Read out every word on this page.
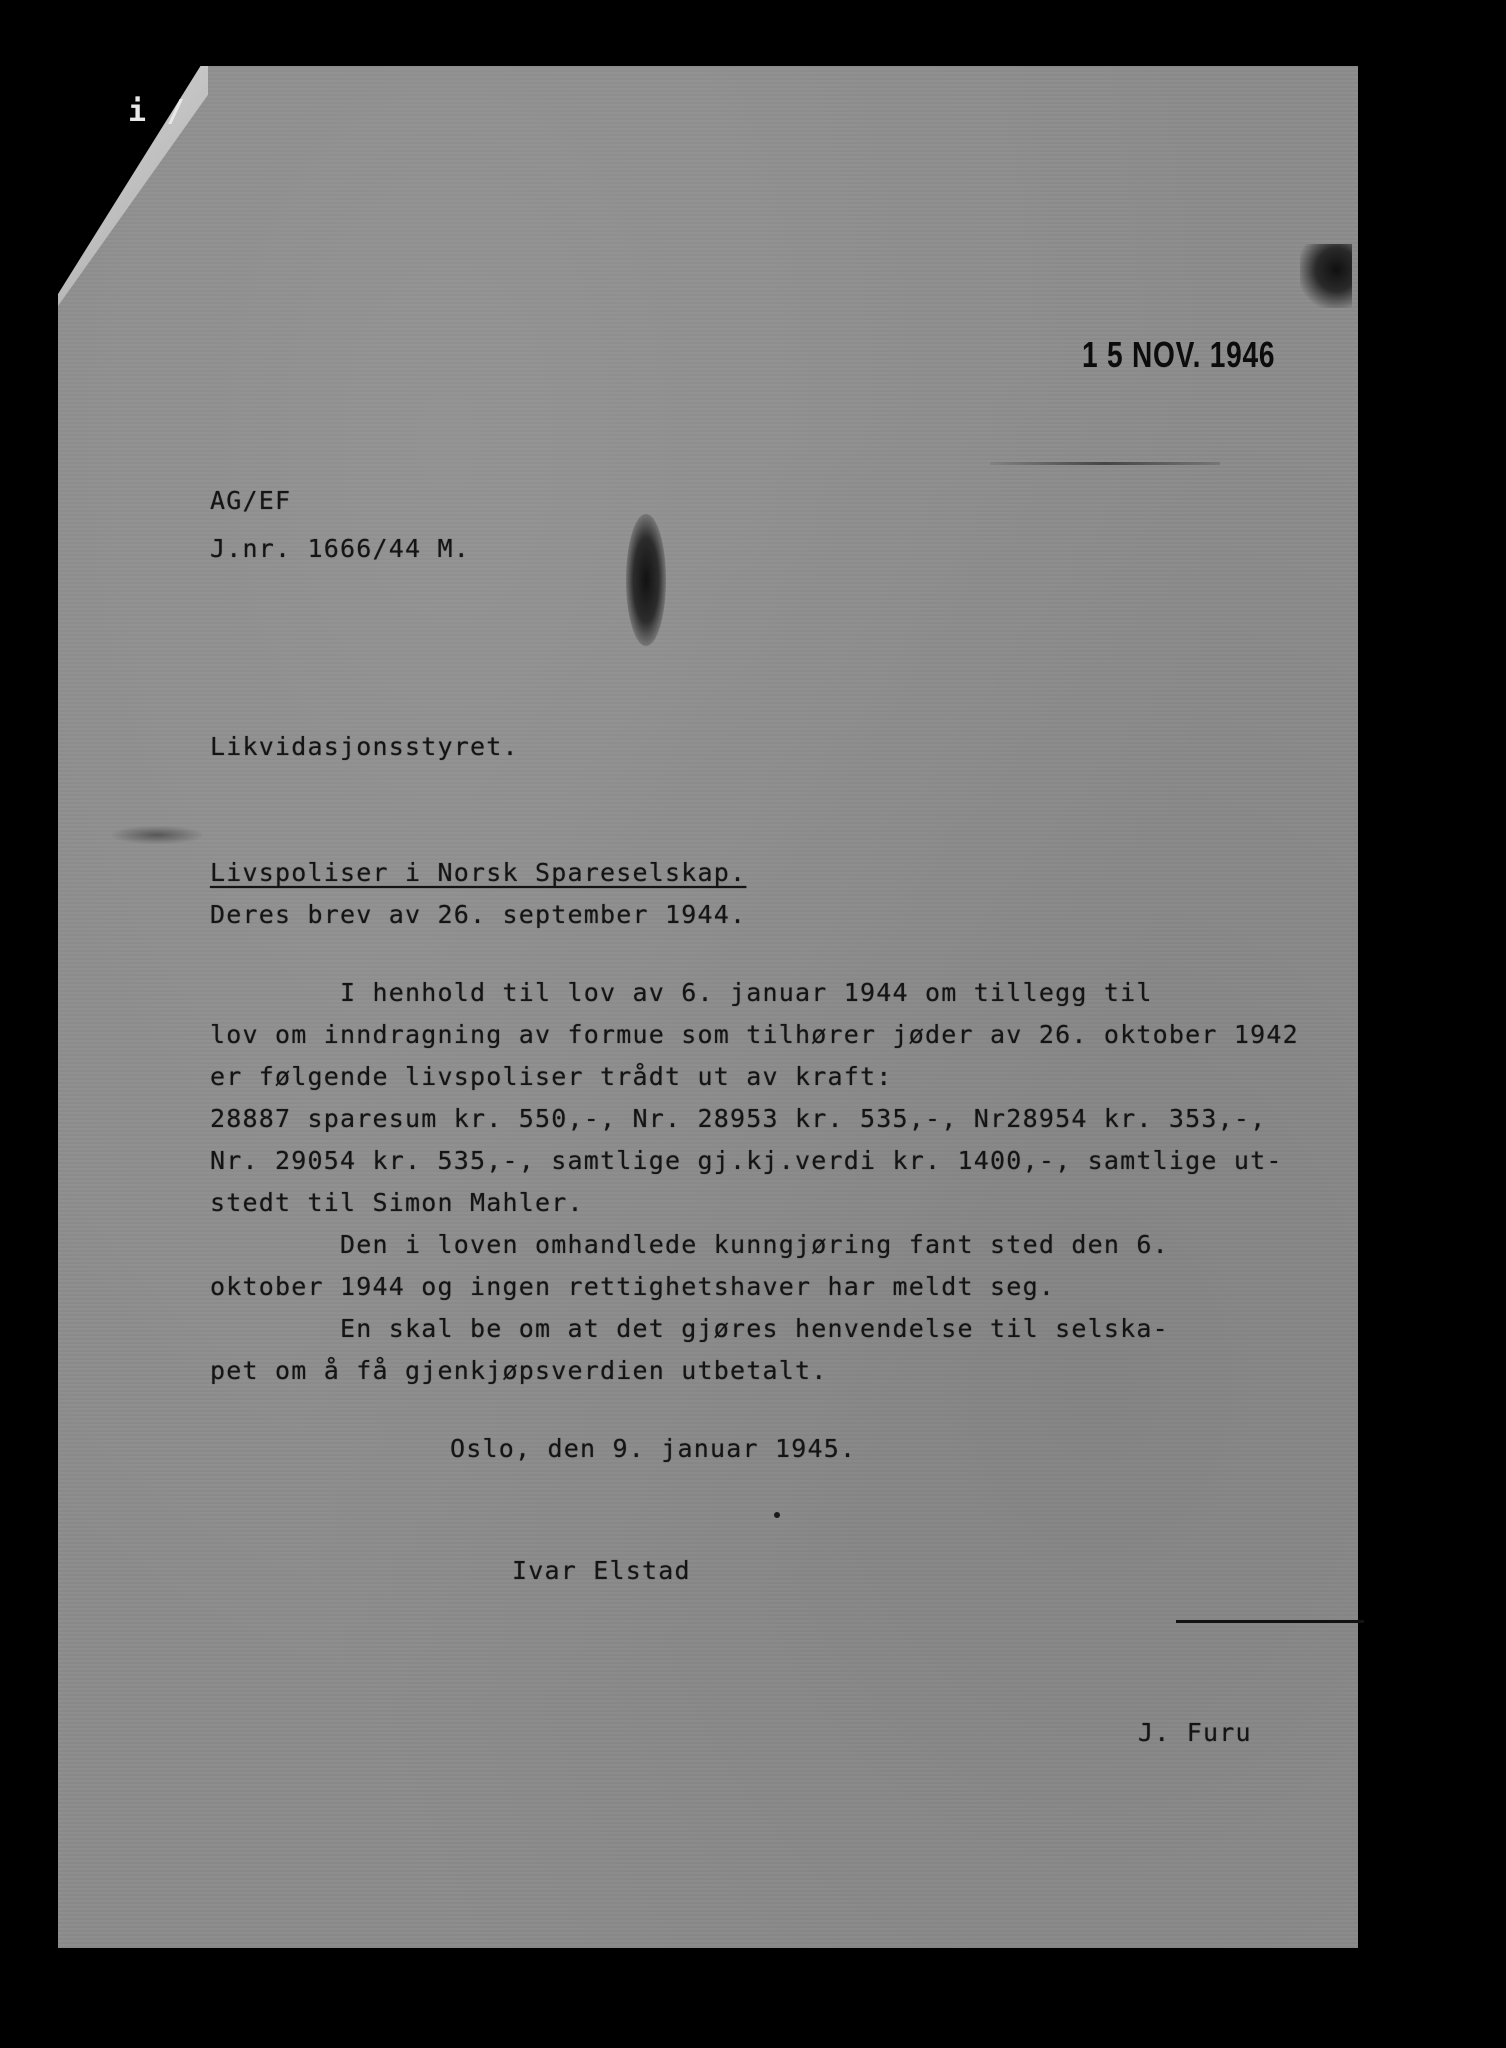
i /
1 5 NOV. 1946
AG/EF
J.nr. 1666/44 M.
Likvidasjonsstyret.
Livspoliser i Norsk Spareselskap.
Deres brev av 26. september 1944.
I henhold til lov av 6. januar 1944 om tillegg til
lov om inndragning av formue som tilhører jøder av 26. oktober 1942
er følgende livspoliser trådt ut av kraft:
28887 sparesum kr. 550,-, Nr. 28953 kr. 535,-, Nr28954 kr. 353,-,
Nr. 29054 kr. 535,-, samtlige gj.kj.verdi kr. 1400,-, samtlige ut-
stedt til Simon Mahler.
Den i loven omhandlede kunngjøring fant sted den 6.
oktober 1944 og ingen rettighetshaver har meldt seg.
En skal be om at det gjøres henvendelse til selska-
pet om å få gjenkjøpsverdien utbetalt.
Oslo, den 9. januar 1945.
Ivar Elstad
J. Furu
